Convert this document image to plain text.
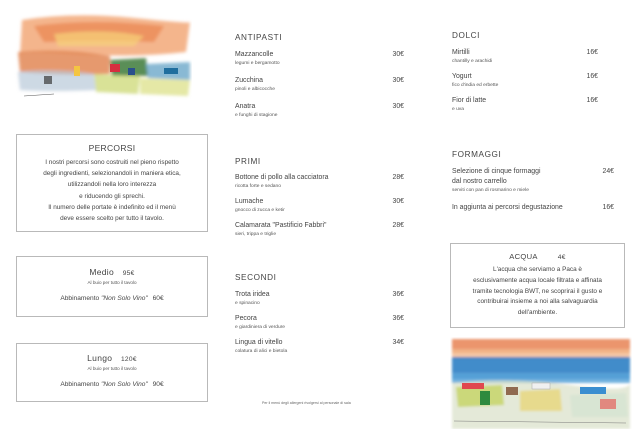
PERCORSI
I nostri percorsi sono costruiti nel pieno rispetto
degli ingredienti, selezionandoli in maniera etica,
utilizzandoli nella loro interezza
e riducendo gli sprechi.
Il numero delle portate è indefinito ed il menù
deve essere scelto per tutto il tavolo.
Medio 95€
Al buio per tutto il tavolo
Abbinamento "Non Solo Vino" 60€
Lungo 120€
Al buio per tutto il tavolo
Abbinamento "Non Solo Vino" 90€
ANTIPASTI
Mazzancolle
legumi e bergamotto
30€
Zucchina
pinoli e albicocche
30€
Anatra
e funghi di stagione
30€
PRIMI
Bottone di pollo alla cacciatora
ricotta forte e sedano
28€
Lumache
gnocco di zucca e ketir
30€
Calamarata "Pastificio Fabbri"
sieri, trippa e triglie
28€
SECONDI
Trota iridea
e spinacino
36€
Pecora
e giardiniera di verdure
36€
Lingua di vitello
colatura di alici e bietola
34€
Per il menù degli allergeni rivolgersi al personale di sala
DOLCI
Mirtilli
chantilly e arachidi
16€
Yogurt
fico d'india ed erbette
16€
Fior di latte
e uva
16€
FORMAGGI
Selezione di cinque formaggi
dal nostro carrello
serviti con pan di rosmarino e miele
24€
In aggiunta ai percorsi degustazione	16€
ACQUA	4€
L'acqua che serviamo a Paca è
esclusivamente acqua locale filtrata e affinata
tramite tecnologia BWT, ne scoprirai il gusto e
contribuirai insieme a noi alla salvaguardia
dell'ambiente.
